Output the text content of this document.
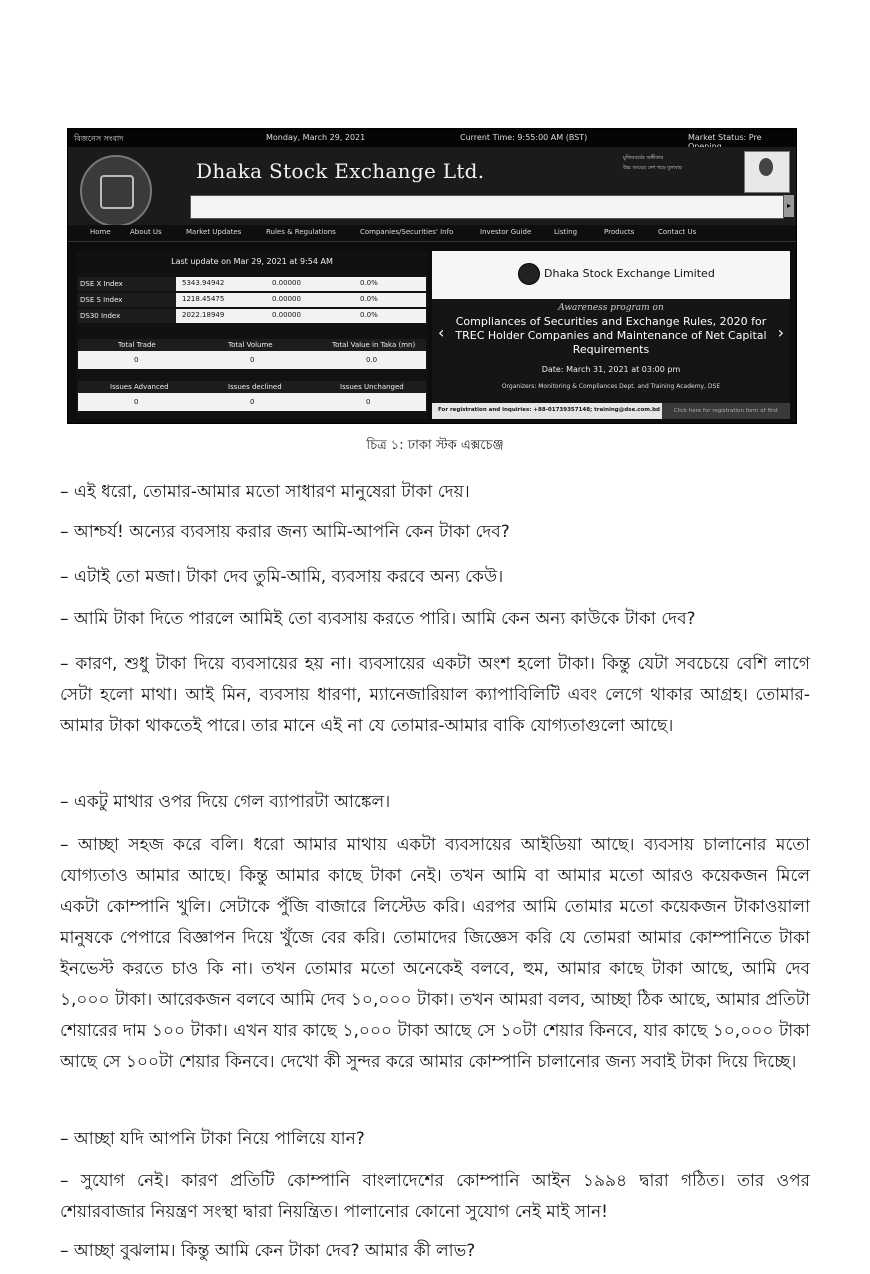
বিজনেস সংবাদ	Monday, March 29, 2021	Current Time: 9:55:00 AM (BST)	Market Status: Pre
Dhaka Stock Exchange Ltd.
মুজিববর্ষের অঙ্গীকার
উচ্চ আয়ের দেশ গড়ে তুলবার
▸
Home	About Us	Market Updates	Rules & Regulations	Companies/Securities' Info	Investor Guide	Listing	Products	Contact Us
Last update on Mar 29, 2021 at 9:54 AM
DSE X Index	5343.94942	0.00000	0.0%
DSE S Index	1218.45475	0.00000	0.0%
DS30 Index	2022.18949	0.00000	0.0%
Total Trade	Total Volume	Total Value in Taka (mn)
0	0	0.0
Issues Advanced	Issues declined	Issues Unchanged
0	0	0
Dhaka Stock Exchange Limited
Awareness program on
Compliances of Securities and Exchange Rules, 2020 for TREC Holder Companies and Maintenance of Net Capital Requirements
‹	›
Date: March 31, 2021 at 03:00 pm
Organizers: Monitoring & Compliances Dept. and Training Academy, DSE
For registration and inquiries: +88-01739357148; training@dse.com.bd	Click here for registration form of first
চিত্র ১: ঢাকা স্টক এক্সচেঞ্জ

– এই ধরো, তোমার-আমার মতো সাধারণ মানুষেরা টাকা দেয়।

– আশ্চর্য! অন্যের ব্যবসায় করার জন্য আমি-আপনি কেন টাকা দেব?

– এটাই তো মজা। টাকা দেব তুমি-আমি, ব্যবসায় করবে অন্য কেউ।

– আমি টাকা দিতে পারলে আমিই তো ব্যবসায় করতে পারি। আমি কেন অন্য কাউকে টাকা দেব?

– কারণ, শুধু টাকা দিয়ে ব্যবসায়ের হয় না। ব্যবসায়ের একটা অংশ হলো টাকা। কিন্তু যেটা সবচেয়ে বেশি লাগে সেটা হলো মাথা। আই মিন, ব্যবসায় ধারণা, ম্যানেজারিয়াল ক্যাপাবিলিটি এবং লেগে থাকার আগ্রহ। তোমার-আমার টাকা থাকতেই পারে। তার মানে এই না যে তোমার-আমার বাকি যোগ্যতাগুলো আছে।

– একটু মাথার ওপর দিয়ে গেল ব্যাপারটা আঙ্কেল।

– আচ্ছা সহজ করে বলি। ধরো আমার মাথায় একটা ব্যবসায়ের আইডিয়া আছে। ব্যবসায় চালানোর মতো যোগ্যতাও আমার আছে। কিন্তু আমার কাছে টাকা নেই। তখন আমি বা আমার মতো আরও কয়েকজন মিলে একটা কোম্পানি খুলি। সেটাকে পুঁজি বাজারে লিস্টেড করি। এরপর আমি তোমার মতো কয়েকজন টাকাওয়ালা মানুষকে পেপারে বিজ্ঞাপন দিয়ে খুঁজে বের করি। তোমাদের জিজ্ঞেস করি যে তোমরা আমার কোম্পানিতে টাকা ইনভেস্ট করতে চাও কি না। তখন তোমার মতো অনেকেই বলবে, হুম, আমার কাছে টাকা আছে, আমি দেব ১,০০০ টাকা। আরেকজন বলবে আমি দেব ১০,০০০ টাকা। তখন আমরা বলব, আচ্ছা ঠিক আছে, আমার প্রতিটা শেয়ারের দাম ১০০ টাকা। এখন যার কাছে ১,০০০ টাকা আছে সে ১০টা শেয়ার কিনবে, যার কাছে ১০,০০০ টাকা আছে সে ১০০টা শেয়ার কিনবে। দেখো কী সুন্দর করে আমার কোম্পানি চালানোর জন্য সবাই টাকা দিয়ে দিচ্ছে।

– আচ্ছা যদি আপনি টাকা নিয়ে পালিয়ে যান?

– সুযোগ নেই। কারণ প্রতিটি কোম্পানি বাংলাদেশের কোম্পানি আইন ১৯৯৪ দ্বারা গঠিত। তার ওপর শেয়ারবাজার নিয়ন্ত্রণ সংস্থা দ্বারা নিয়ন্ত্রিত। পালানোর কোনো সুযোগ নেই মাই সান!

– আচ্ছা বুঝলাম। কিন্তু আমি কেন টাকা দেব? আমার কী লাভ?
